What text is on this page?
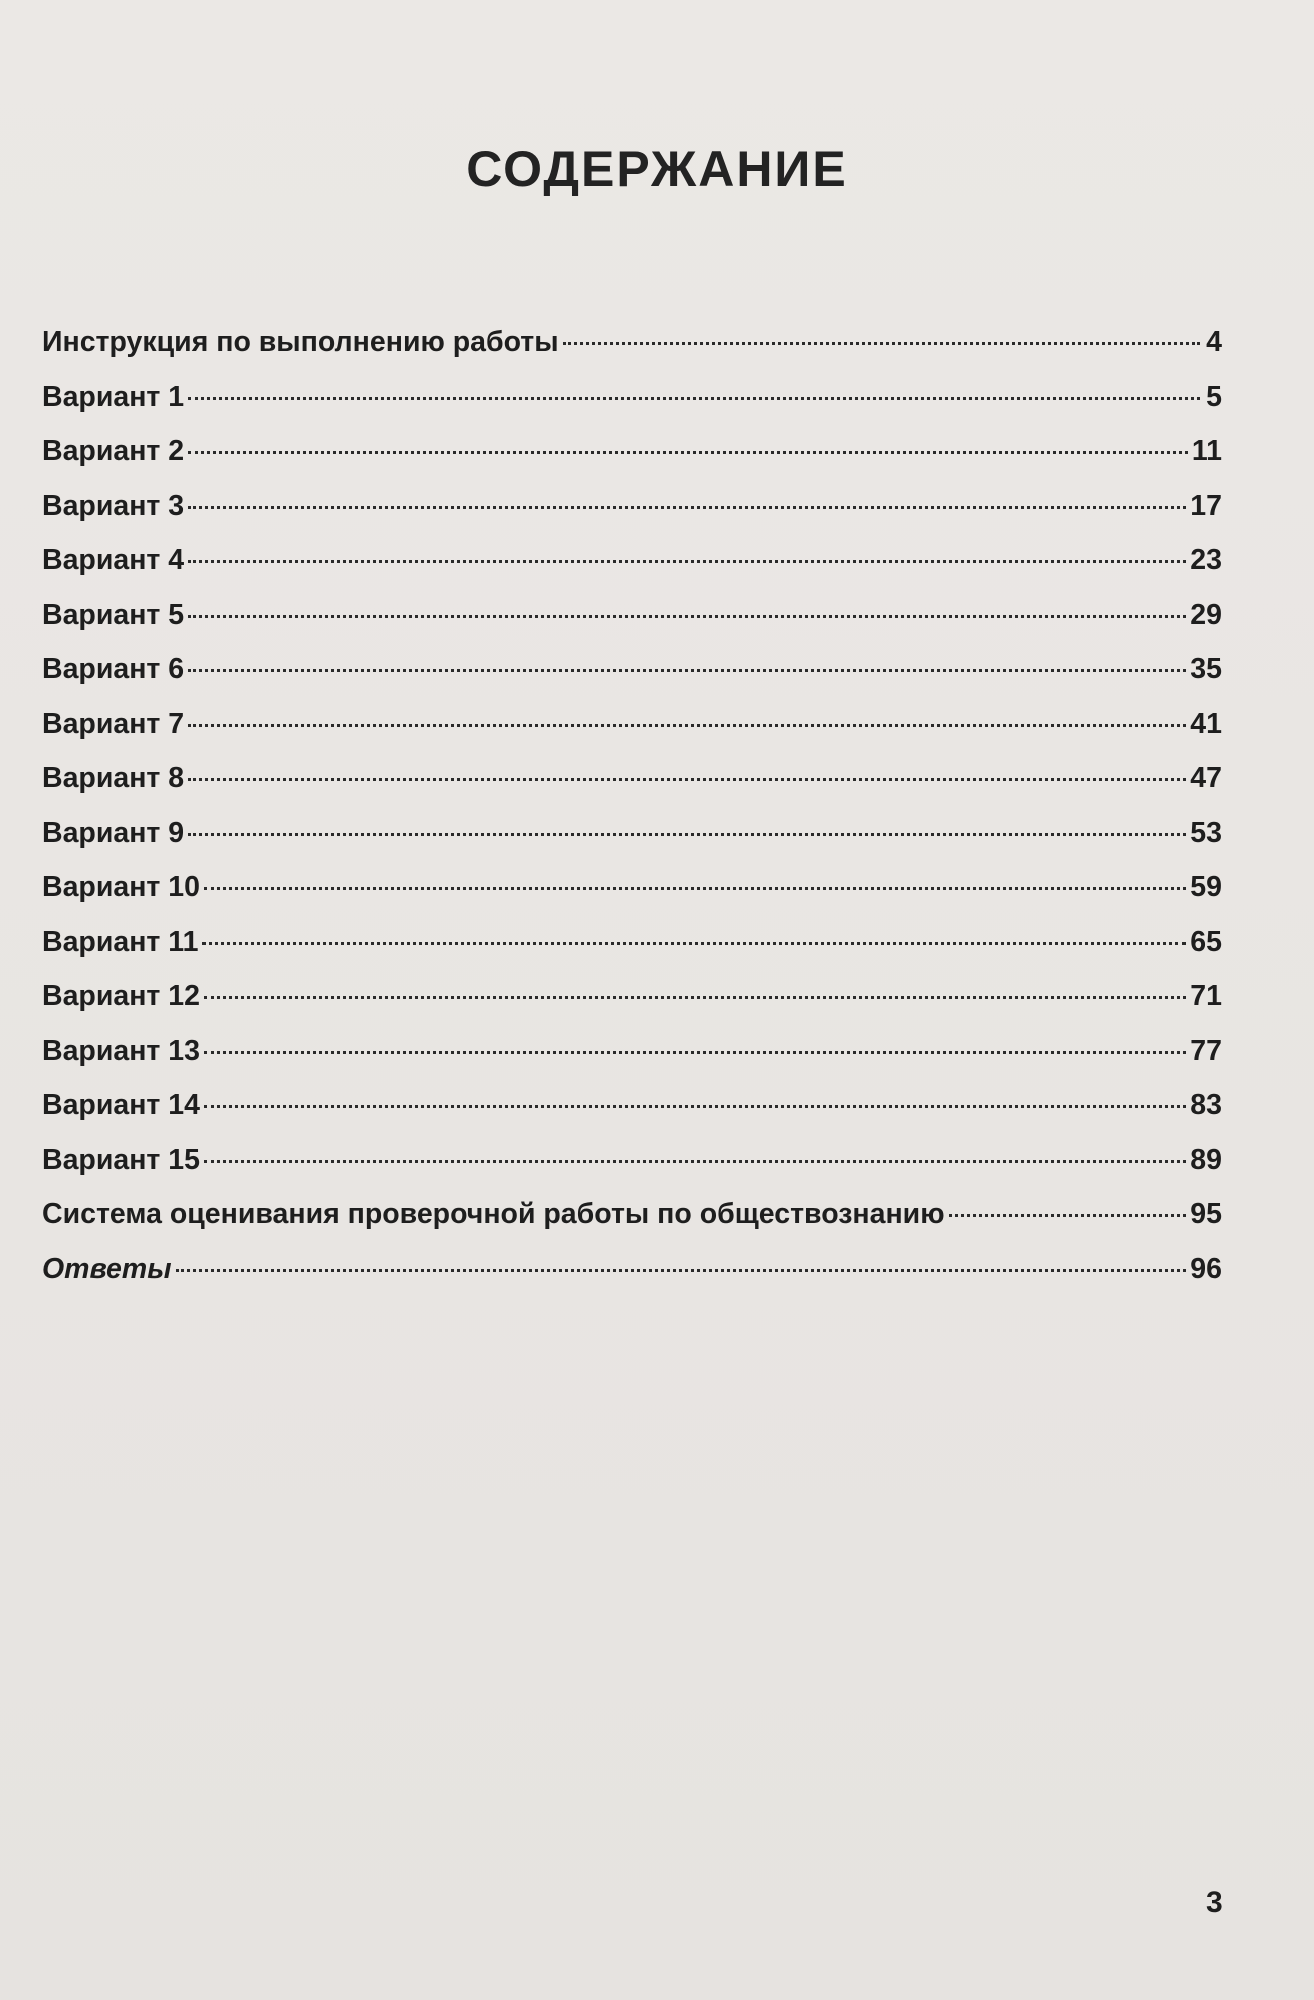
СОДЕРЖАНИЕ
Инструкция по выполнению работы	4
Вариант 1	5
Вариант 2	11
Вариант 3	17
Вариант 4	23
Вариант 5	29
Вариант 6	35
Вариант 7	41
Вариант 8	47
Вариант 9	53
Вариант 10	59
Вариант 11	65
Вариант 12	71
Вариант 13	77
Вариант 14	83
Вариант 15	89
Система оценивания проверочной работы по обществознанию	95
Ответы	96
3
